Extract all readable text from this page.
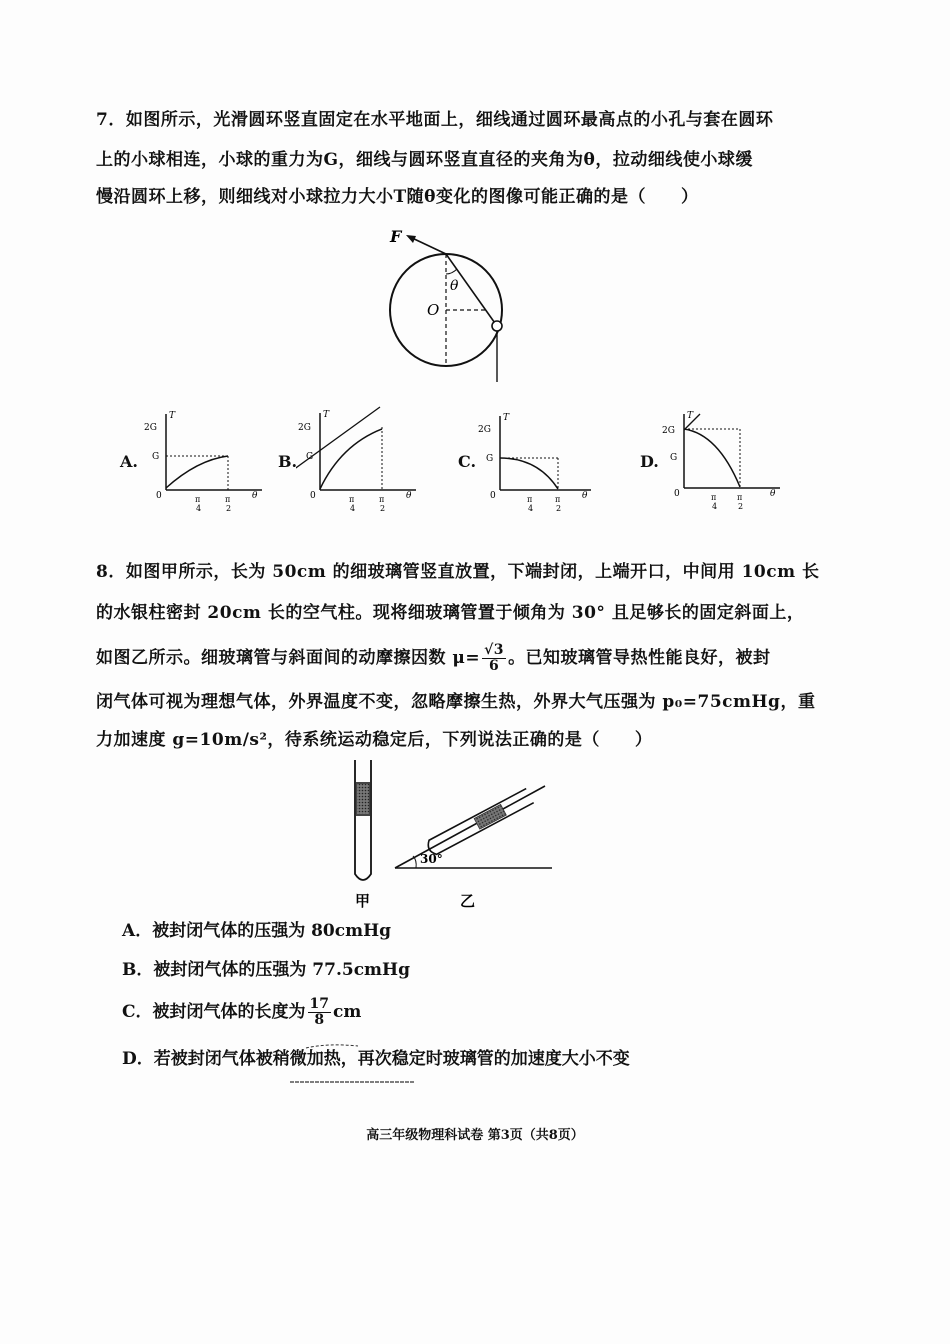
7．如图所示，光滑圆环竖直固定在水平地面上，细线通过圆环最高点的小孔与套在圆环
上的小球相连，小球的重力为G，细线与圆环竖直直径的夹角为θ，拉动细线使小球缓
慢沿圆环上移，则细线对小球拉力大小T随θ变化的图像可能正确的是（　　）
F
θ
O
A.
T
2G
G
0	θ
π
4
π
2
B.
T
2G
G
0	θ
π
4
π
2
C.
T
2G
G
0	θ
π
4
π
2
D.
T
2G
G
0	θ
π
4
π
2
8．如图甲所示，长为 50cm 的细玻璃管竖直放置，下端封闭，上端开口，中间用 10cm 长
的水银柱密封 20cm 长的空气柱。现将细玻璃管置于倾角为 30° 且足够长的固定斜面上，
如图乙所示。细玻璃管与斜面间的动摩擦因数 $\mu= \frac{√3}{6}$ 。已知玻璃管导热性能良好，被封
闭气体可视为理想气体，外界温度不变，忽略摩擦生热，外界大气压强为 p₀=75cmHg，重
力加速度 g=10m/s²，待系统运动稳定后，下列说法正确的是（　　）
甲
30°
乙
A．被封闭气体的压强为 80cmHg
B．被封闭气体的压强为 77.5cmHg
C．被封闭气体的长度为 $\frac{17}{8}$ cm
D．若被封闭气体被稍微加热，再次稳定时玻璃管的加速度大小不变
高三年级物理科试卷 第3页（共8页）
